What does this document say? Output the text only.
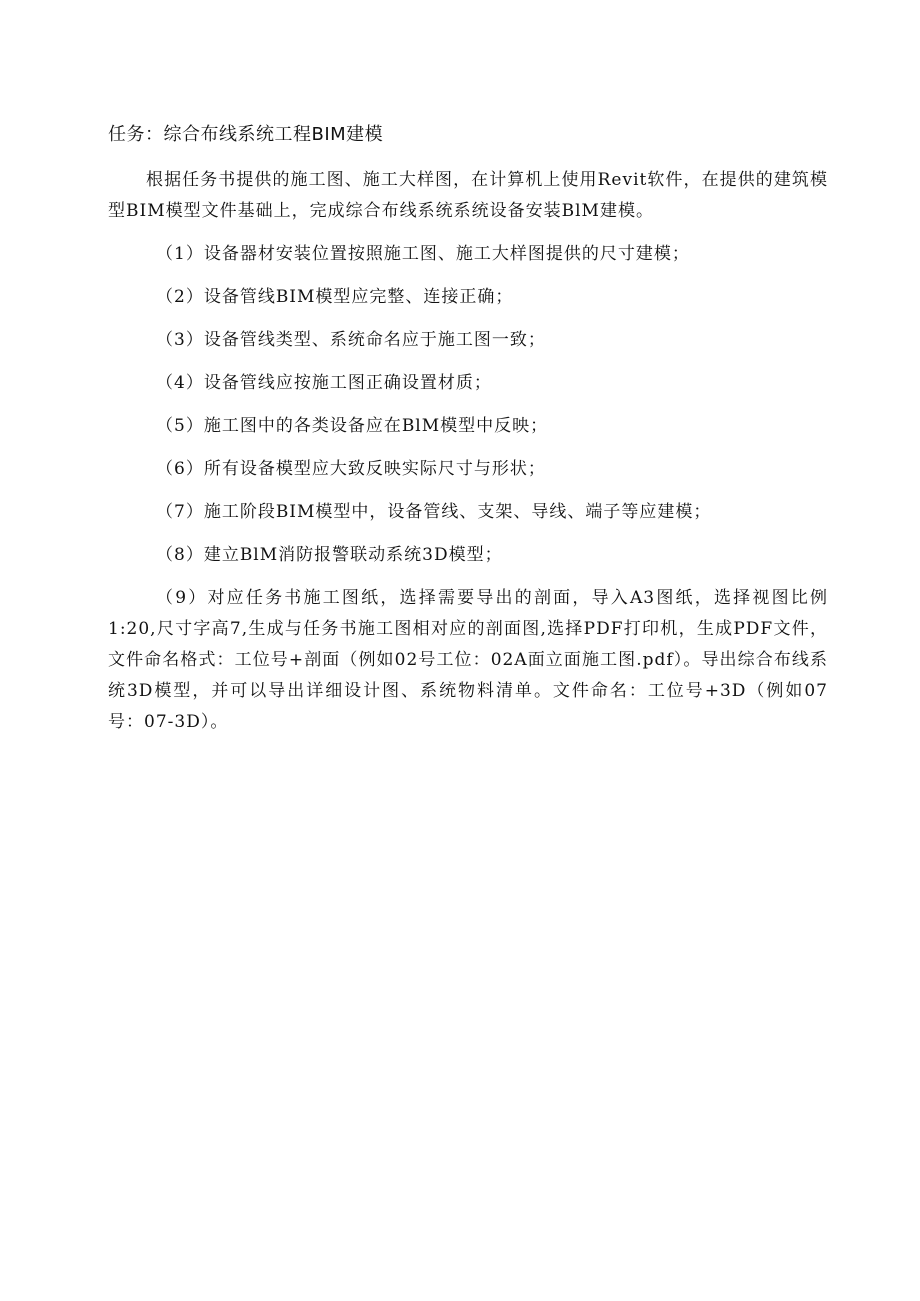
任务：综合布线系统工程BIM建模

根据任务书提供的施工图、施工大样图，在计算机上使用Revit软件，在提供的建筑模型BIM模型文件基础上，完成综合布线系统系统设备安装BlM建模。

（1）设备器材安装位置按照施工图、施工大样图提供的尺寸建模；

（2）设备管线BIM模型应完整、连接正确；

（3）设备管线类型、系统命名应于施工图一致；

（4）设备管线应按施工图正确设置材质；

（5）施工图中的各类设备应在BlM模型中反映；

（6）所有设备模型应大致反映实际尺寸与形状；

（7）施工阶段BIM模型中，设备管线、支架、导线、端子等应建模；

（8）建立BlM消防报警联动系统3D模型；

（9）对应任务书施工图纸，选择需要导出的剖面，导入A3图纸，选择视图比例1:20,尺寸字高7,生成与任务书施工图相对应的剖面图,选择PDF打印机，生成PDF文件，文件命名格式：工位号+剖面（例如02号工位：02A面立面施工图.pdf）。导出综合布线系统3D模型，并可以导出详细设计图、系统物料清单。文件命名：工位号+3D（例如07号：07-3D）。
